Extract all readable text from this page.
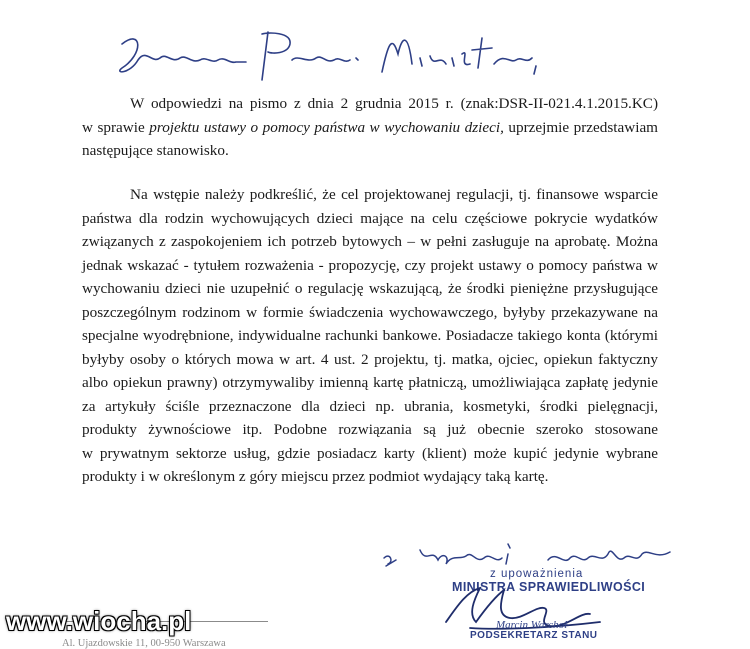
W odpowiedzi na pismo z dnia 2 grudnia 2015 r. (znak:DSR-II-021.4.1.2015.KC)
w sprawie projektu ustawy o pomocy państwa w wychowaniu dzieci, uprzejmie przedstawiam
następujące stanowisko.
Na wstępie należy podkreślić, że cel projektowanej regulacji, tj. finansowe wsparcie
państwa dla rodzin wychowujących dzieci mające na celu częściowe pokrycie wydatków
związanych z zaspokojeniem ich potrzeb bytowych – w pełni zasługuje na aprobatę. Można
jednak wskazać - tytułem rozważenia - propozycję, czy projekt ustawy o pomocy państwa w
wychowaniu dzieci nie uzupełnić o regulację wskazującą, że środki pieniężne przysługujące
poszczególnym rodzinom w formie świadczenia wychowawczego, byłyby przekazywane na
specjalne wyodrębnione, indywidualne rachunki bankowe. Posiadacze takiego konta (którymi
byłyby osoby o których mowa w art. 4 ust. 2 projektu, tj. matka, ojciec, opiekun faktyczny
albo opiekun prawny) otrzymywaliby imienną kartę płatniczą, umożliwiająca zapłatę jedynie
za artykuły ściśle przeznaczone dla dzieci np. ubrania, kosmetyki, środki pielęgnacji,
produkty żywnościowe itp. Podobne rozwiązania są już obecnie szeroko stosowane
w prywatnym sektorze usług, gdzie posiadacz karty (klient) może kupić jedynie wybrane
produkty i w określonym z góry miejscu przez podmiot wydający taką kartę.
z upoważnienia
MINISTRA SPRAWIEDLIWOŚCI
Marcin Warchoł
PODSEKRETARZ STANU
Al. Ujazdowskie 11, 00-950 Warszawa
www.wiocha.pl
